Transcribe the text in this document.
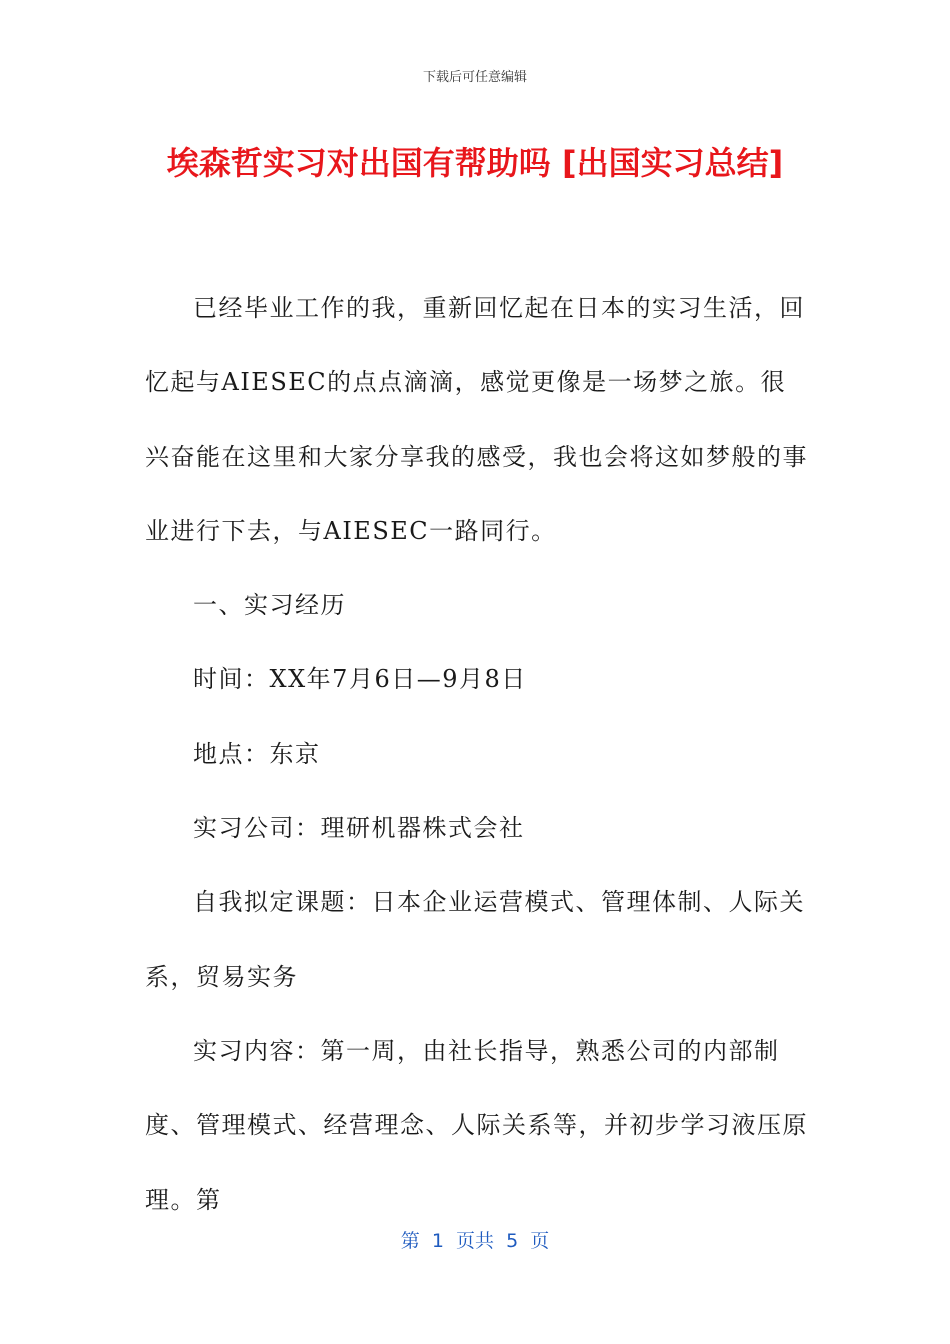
下载后可任意编辑
埃森哲实习对出国有帮助吗 [出国实习总结]

已经毕业工作的我，重新回忆起在日本的实习生活，回忆起与AIESEC的点点滴滴，感觉更像是一场梦之旅。很兴奋能在这里和大家分享我的感受，我也会将这如梦般的事业进行下去，与AIESEC一路同行。

一、实习经历

时间：XX年7月6日—9月8日

地点：东京

实习公司：理研机器株式会社

自我拟定课题：日本企业运营模式、管理体制、人际关系，贸易实务

实习内容：第一周，由社长指导，熟悉公司的内部制度、管理模式、经营理念、人际关系等，并初步学习液压原理。第

第  1  页共  5  页
